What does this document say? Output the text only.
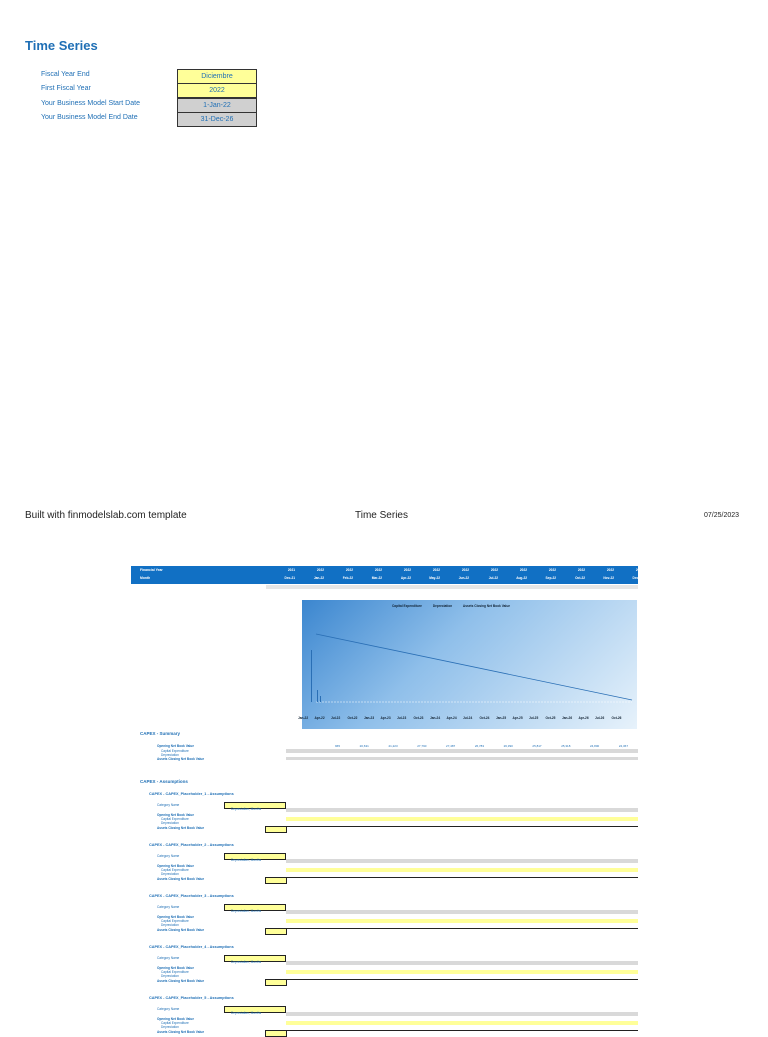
Time Series
Fiscal Year End	Diciembre
First Fiscal Year	2022
Your Business Model Start Date	1-Jan-22
Your Business Model End Date	31-Dec-26
Built with finmodelslab.com template	Time Series	07/25/2023
Financial Year	2021	2022	2022	2022	2022	2022	2022	2022	2022	2022	2022	2022	2022
Month	Dec-21	Jan-22	Feb-22	Mar-22	Apr-22	May-22	Jun-22	Jul-22	Aug-22	Sep-22	Oct-22	Nov-22	Dec-22
Capital Expenditure	Depreciation	Assets Closing Net Book Value
Jan-22 Apr-22 Jul-22 Oct-22 Jan-23 Apr-23 Jul-23 Oct-23 Jan-24 Apr-24 Jul-24 Oct-24 Jan-25 Apr-25 Jul-25 Oct-25 Jan-26 Apr-26 Jul-26 Oct-26
CAPEX - Summary
Opening Net Book Value	965	20,631	21,223	27,790	27,487	26,783	26,390	25,817	25,318	24,800	24,367
Capital Expenditure
Depreciation
Assets Closing Net Book Value
CAPEX - Assumptions
CAPEX - CAPEX_Placeholder_1 - Assumptions
Category Name
Depreciation, Months
Opening Net Book Value
Capital Expenditure
Depreciation
Assets Closing Net Book Value
CAPEX - CAPEX_Placeholder_2 - Assumptions
Category Name
Depreciation, Months
Opening Net Book Value
Capital Expenditure
Depreciation
Assets Closing Net Book Value
CAPEX - CAPEX_Placeholder_3 - Assumptions
Category Name
Depreciation, Months
Opening Net Book Value
Capital Expenditure
Depreciation
Assets Closing Net Book Value
CAPEX - CAPEX_Placeholder_4 - Assumptions
Category Name
Depreciation, Months
Opening Net Book Value
Capital Expenditure
Depreciation
Assets Closing Net Book Value
CAPEX - CAPEX_Placeholder_5 - Assumptions
Category Name
Depreciation, Months
Opening Net Book Value
Capital Expenditure
Depreciation
Assets Closing Net Book Value
